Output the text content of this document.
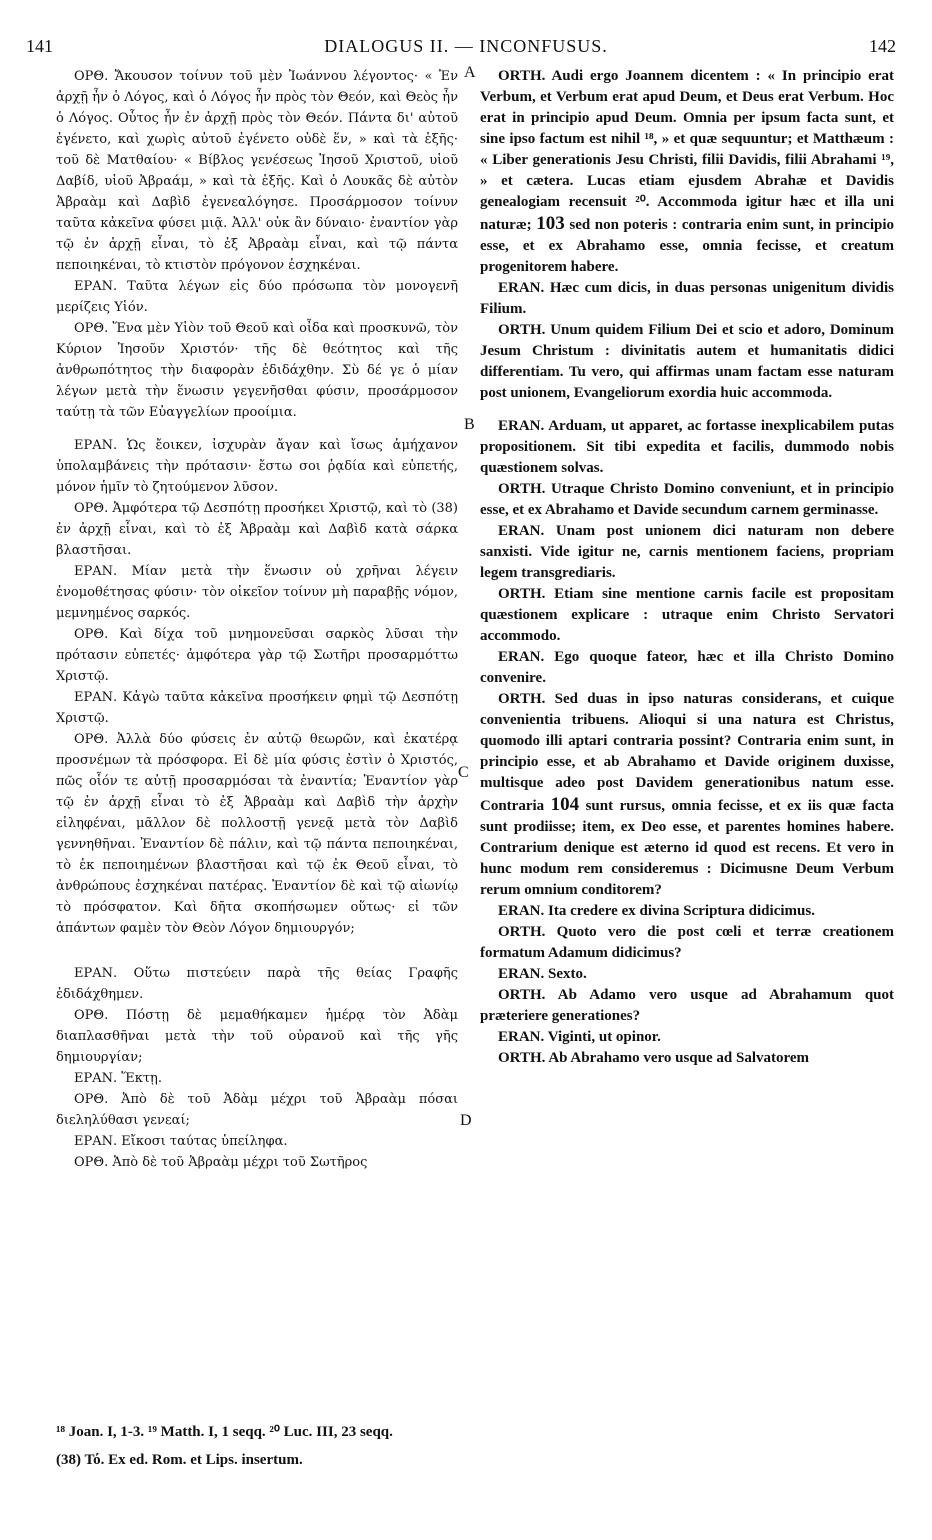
141	DIALOGUS II. — INCONFUSUS.	142
A
B
C
D

ΟΡΘ. Ἄκουσον τοίνυν τοῦ μὲν Ἰωάννου λέγοντος· « Ἐν ἀρχῇ ἦν ὁ Λόγος, καὶ ὁ Λόγος ἦν πρὸς τὸν Θεόν, καὶ Θεὸς ἦν ὁ Λόγος. Οὗτος ἦν ἐν ἀρχῇ πρὸς τὸν Θεόν. Πάντα δι' αὐτοῦ ἐγένετο, καὶ χωρὶς αὐτοῦ ἐγένετο οὐδὲ ἕν, » καὶ τὰ ἑξῆς· τοῦ δὲ Ματθαίου· « Βίβλος γενέσεως Ἰησοῦ Χριστοῦ, υἱοῦ Δαβίδ, υἱοῦ Ἀβραάμ, » καὶ τὰ ἑξῆς. Καὶ ὁ Λουκᾶς δὲ αὐτὸν Ἀβραὰμ καὶ Δαβὶδ ἐγενεαλόγησε. Προσάρμοσον τοίνυν ταῦτα κἀκεῖνα φύσει μιᾷ. Ἀλλ' οὐκ ἂν δύναιο· ἐναντίον γὰρ τῷ ἐν ἀρχῇ εἶναι, τὸ ἐξ Ἀβραὰμ εἶναι, καὶ τῷ πάντα πεποιηκέναι, τὸ κτιστὸν πρόγονον ἐσχηκέναι.

ΕΡΑΝ. Ταῦτα λέγων εἰς δύο πρόσωπα τὸν μονογενῆ μερίζεις Υἱόν.

ΟΡΘ. Ἕνα μὲν Υἱὸν τοῦ Θεοῦ καὶ οἶδα καὶ προσκυνῶ, τὸν Κύριον Ἰησοῦν Χριστόν· τῆς δὲ θεότητος καὶ τῆς ἀνθρωπότητος τὴν διαφορὰν ἐδιδάχθην. Σὺ δέ γε ὁ μίαν λέγων μετὰ τὴν ἕνωσιν γεγενῆσθαι φύσιν, προσάρμοσον ταύτῃ τὰ τῶν Εὐαγγελίων προοίμια.

ΕΡΑΝ. Ὡς ἔοικεν, ἰσχυρὰν ἄγαν καὶ ἴσως ἀμήχανον ὑπολαμβάνεις τὴν πρότασιν· ἔστω σοι ῥᾳδία καὶ εὐπετής, μόνον ἡμῖν τὸ ζητούμενον λῦσον.

ΟΡΘ. Ἀμφότερα τῷ Δεσπότῃ προσήκει Χριστῷ, καὶ τὸ (38) ἐν ἀρχῇ εἶναι, καὶ τὸ ἐξ Ἀβραὰμ καὶ Δαβὶδ κατὰ σάρκα βλαστῆσαι.

ΕΡΑΝ. Μίαν μετὰ τὴν ἕνωσιν οὐ χρῆναι λέγειν ἐνομοθέτησας φύσιν· τὸν οἰκεῖον τοίνυν μὴ παραβῇς νόμον, μεμνημένος σαρκός.

ΟΡΘ. Καὶ δίχα τοῦ μνημονεῦσαι σαρκὸς λῦσαι τὴν πρότασιν εὐπετές· ἀμφότερα γὰρ τῷ Σωτῆρι προσαρμόττω Χριστῷ.

ΕΡΑΝ. Κἀγὼ ταῦτα κἀκεῖνα προσήκειν φημὶ τῷ Δεσπότῃ Χριστῷ.

ΟΡΘ. Ἀλλὰ δύο φύσεις ἐν αὐτῷ θεωρῶν, καὶ ἑκατέρᾳ προσνέμων τὰ πρόσφορα. Εἰ δὲ μία φύσις ἐστὶν ὁ Χριστός, πῶς οἷόν τε αὐτῇ προσαρμόσαι τὰ ἐναντία; Ἐναντίον γὰρ τῷ ἐν ἀρχῇ εἶναι τὸ ἐξ Ἀβραὰμ καὶ Δαβὶδ τὴν ἀρχὴν εἰληφέναι, μᾶλλον δὲ πολλοστῇ γενεᾷ μετὰ τὸν Δαβὶδ γεννηθῆναι. Ἐναντίον δὲ πάλιν, καὶ τῷ πάντα πεποιηκέναι, τὸ ἐκ πεποιημένων βλαστῆσαι καὶ τῷ ἐκ Θεοῦ εἶναι, τὸ ἀνθρώπους ἐσχηκέναι πατέρας. Ἐναντίον δὲ καὶ τῷ αἰωνίῳ τὸ πρόσφατον. Καὶ δῆτα σκοπήσωμεν οὕτως· εἰ τῶν ἁπάντων φαμὲν τὸν Θεὸν Λόγον δημιουργόν;

ΕΡΑΝ. Οὕτω πιστεύειν παρὰ τῆς θείας Γραφῆς ἐδιδάχθημεν.

ΟΡΘ. Πόστῃ δὲ μεμαθήκαμεν ἡμέρᾳ τὸν Ἀδὰμ διαπλασθῆναι μετὰ τὴν τοῦ οὐρανοῦ καὶ τῆς γῆς δημιουργίαν;

ΕΡΑΝ. Ἕκτῃ.

ΟΡΘ. Ἀπὸ δὲ τοῦ Ἀδὰμ μέχρι τοῦ Ἀβραὰμ πόσαι διεληλύθασι γενεαί;

ΕΡΑΝ. Εἴκοσι ταύτας ὑπείληφα.

ΟΡΘ. Ἀπὸ δὲ τοῦ Ἀβραὰμ μέχρι τοῦ Σωτῆρος

ORTH. Audi ergo Joannem dicentem : « In principio erat Verbum, et Verbum erat apud Deum, et Deus erat Verbum. Hoc erat in principio apud Deum. Omnia per ipsum facta sunt, et sine ipso factum est nihil ¹⁸, » et quæ sequuntur; et Matthæum : « Liber generationis Jesu Christi, filii Davidis, filii Abrahami ¹⁹, » et cætera. Lucas etiam ejusdem Abrahæ et Davidis genealogiam recensuit ²⁰. Accommoda igitur hæc et illa uni naturæ; 103 sed non poteris : contraria enim sunt, in principio esse, et ex Abrahamo esse, omnia fecisse, et creatum progenitorem habere.

ERAN. Hæc cum dicis, in duas personas unigenitum dividis Filium.

ORTH. Unum quidem Filium Dei et scio et adoro, Dominum Jesum Christum : divinitatis autem et humanitatis didici differentiam. Tu vero, qui affirmas unam factam esse naturam post unionem, Evangeliorum exordia huic accommoda.

ERAN. Arduam, ut apparet, ac fortasse inexplicabilem putas propositionem. Sit tibi expedita et facilis, dummodo nobis quæstionem solvas.

ORTH. Utraque Christo Domino conveniunt, et in principio esse, et ex Abrahamo et Davide secundum carnem germinasse.

ERAN. Unam post unionem dici naturam non debere sanxisti. Vide igitur ne, carnis mentionem faciens, propriam legem transgrediaris.

ORTH. Etiam sine mentione carnis facile est propositam quæstionem explicare : utraque enim Christo Servatori accommodo.

ERAN. Ego quoque fateor, hæc et illa Christo Domino convenire.

ORTH. Sed duas in ipso naturas considerans, et cuique convenientia tribuens. Alioqui si una natura est Christus, quomodo illi aptari contraria possint? Contraria enim sunt, in principio esse, et ab Abrahamo et Davide originem duxisse, multisque adeo post Davidem generationibus natum esse. Contraria 104 sunt rursus, omnia fecisse, et ex iis quæ facta sunt prodiisse; item, ex Deo esse, et parentes homines habere. Contrarium denique est æterno id quod est recens. Et vero in hunc modum rem consideremus : Dicimusne Deum Verbum rerum omnium conditorem?

ERAN. Ita credere ex divina Scriptura didicimus.

ORTH. Quoto vero die post cœli et terræ creationem formatum Adamum didicimus?

ERAN. Sexto.

ORTH. Ab Adamo vero usque ad Abrahamum quot præteriere generationes?

ERAN. Viginti, ut opinor.

ORTH. Ab Abrahamo vero usque ad Salvatorem

¹⁸ Joan. I, 1-3. ¹⁹ Matth. I, 1 seqq. ²⁰ Luc. III, 23 seqq.
(38) Τό. Ex ed. Rom. et Lips. insertum.
